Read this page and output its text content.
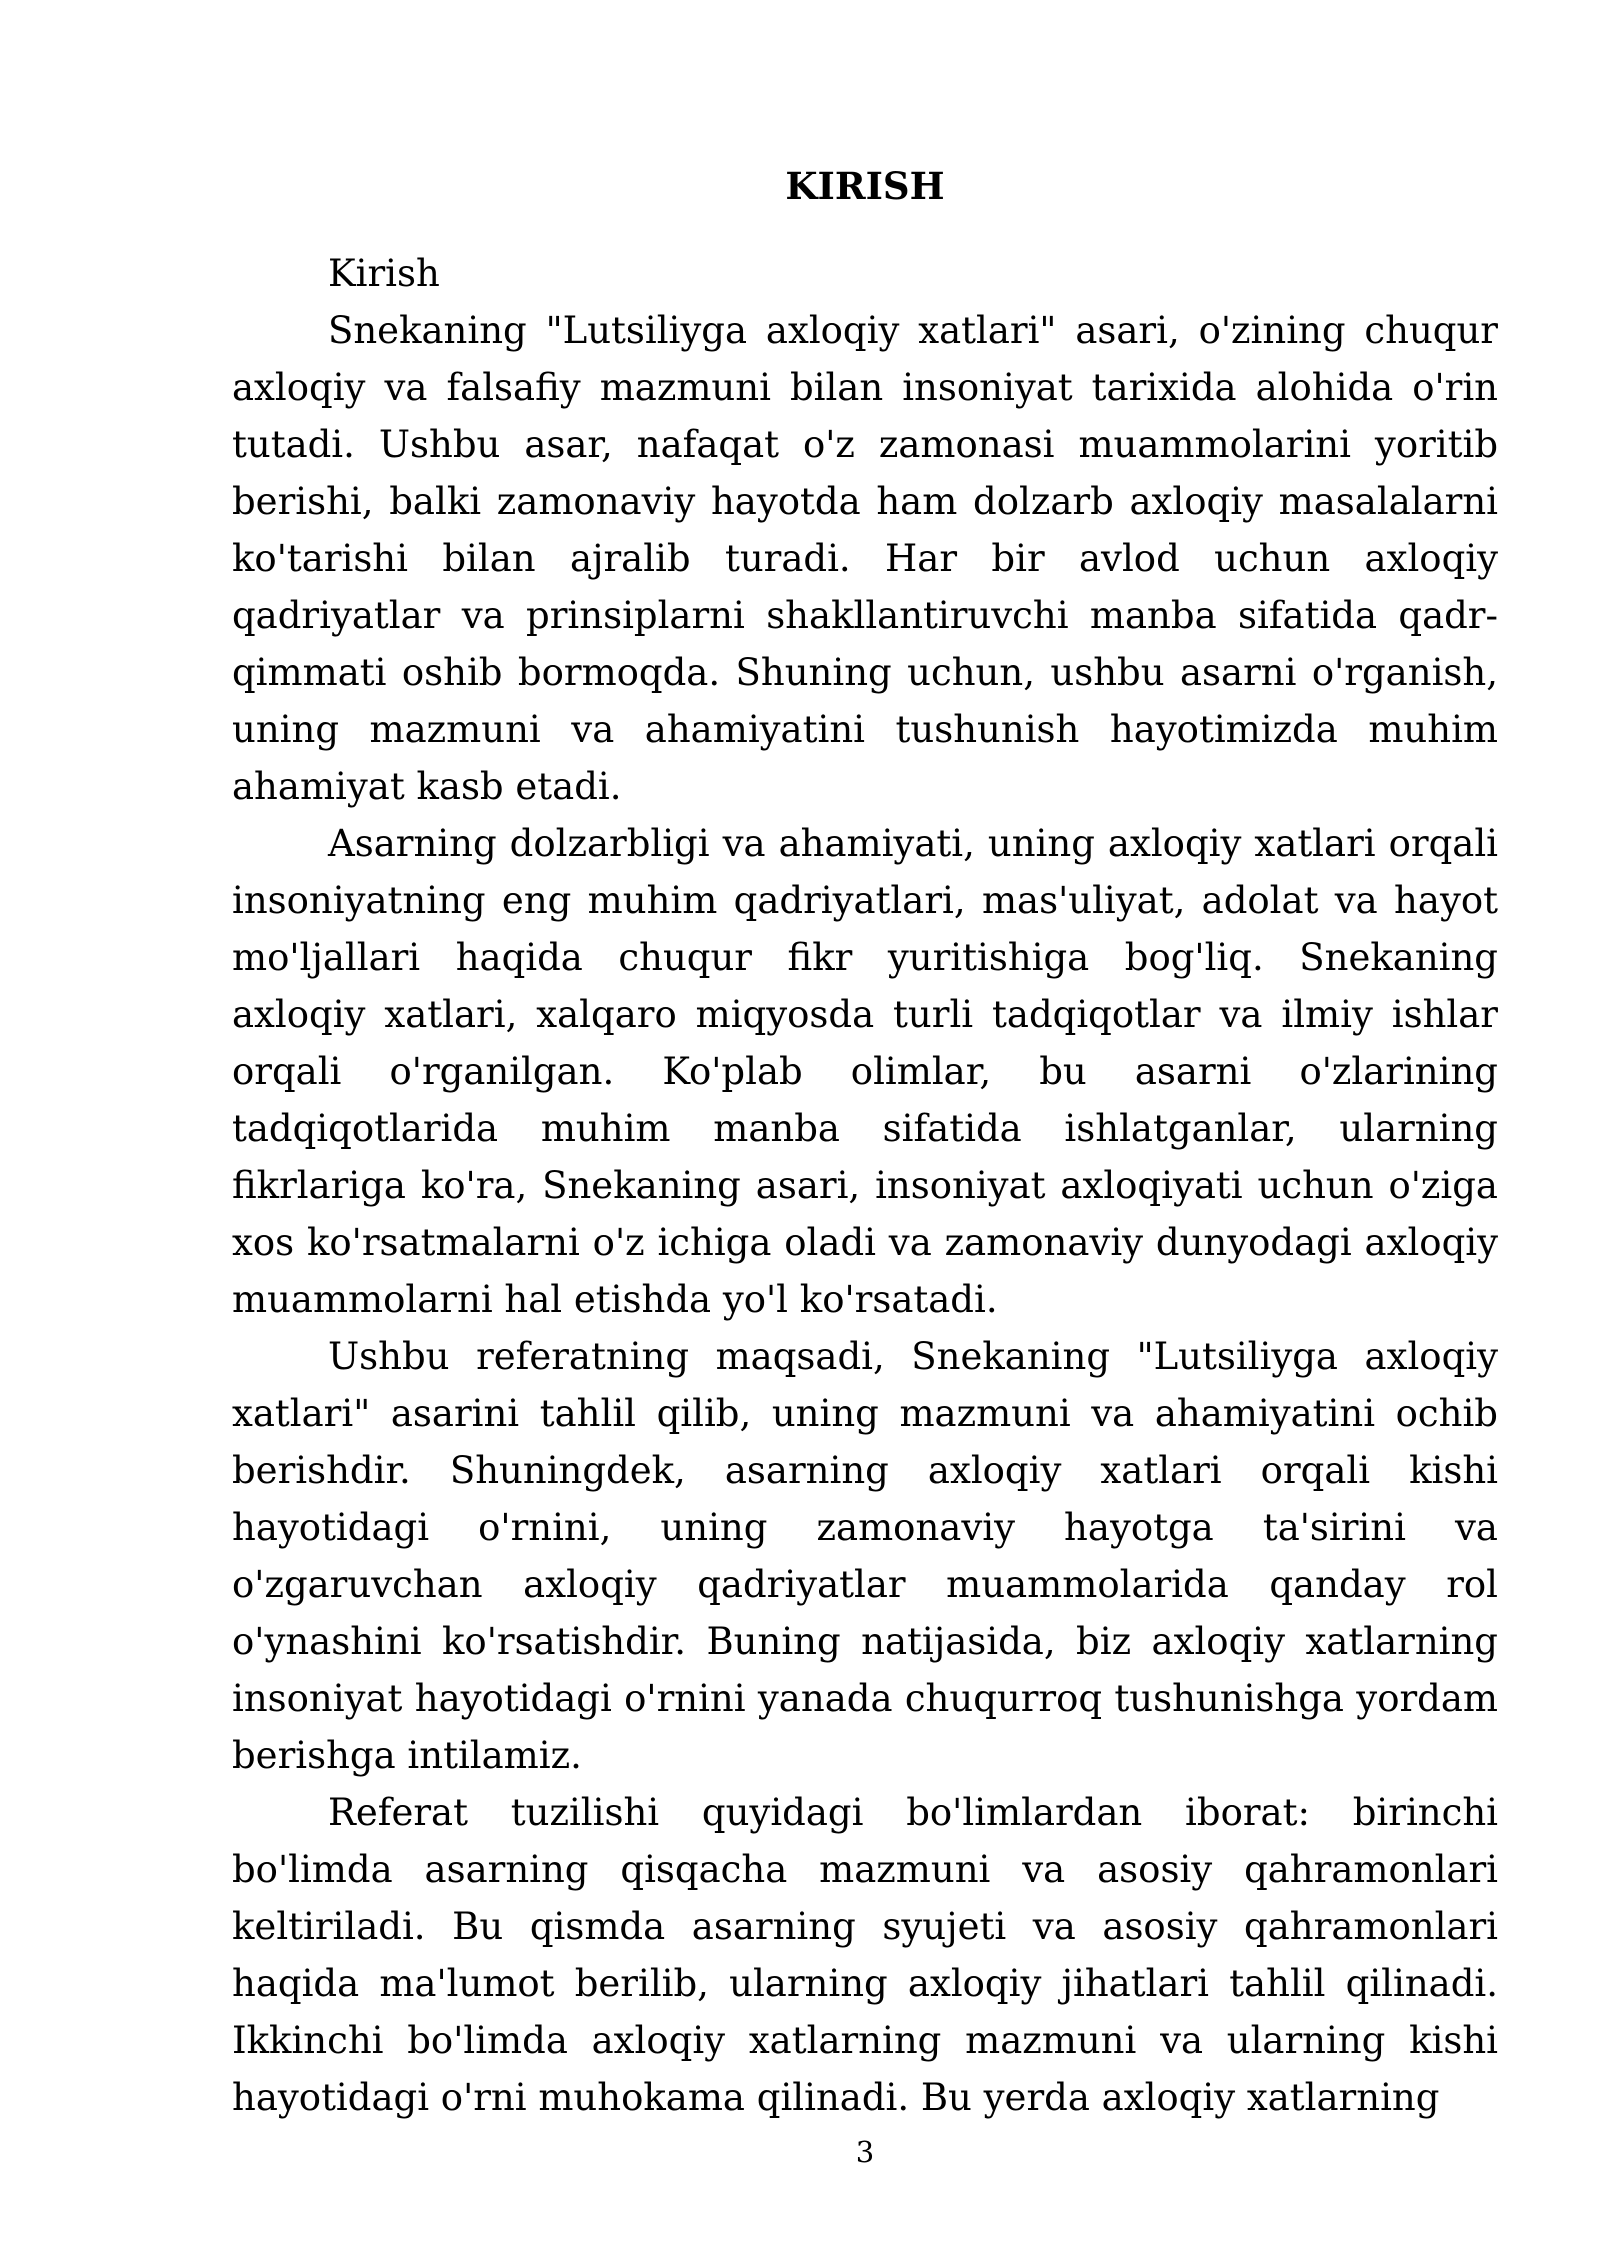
KIRISH

Kirish

Snekaning "Lutsiliyga axloqiy xatlari" asari, o'zining chuqur axloqiy va falsafiy mazmuni bilan insoniyat tarixida alohida o'rin tutadi. Ushbu asar, nafaqat o'z zamonasi muammolarini yoritib berishi, balki zamonaviy hayotda ham dolzarb axloqiy masalalarni ko'tarishi bilan ajralib turadi. Har bir avlod uchun axloqiy qadriyatlar va prinsiplarni shakllantiruvchi manba sifatida qadr-qimmati oshib bormoqda. Shuning uchun, ushbu asarni o'rganish, uning mazmuni va ahamiyatini tushunish hayotimizda muhim ahamiyat kasb etadi.

Asarning dolzarbligi va ahamiyati, uning axloqiy xatlari orqali insoniyatning eng muhim qadriyatlari, mas'uliyat, adolat va hayot mo'ljallari haqida chuqur fikr yuritishiga bog'liq. Snekaning axloqiy xatlari, xalqaro miqyosda turli tadqiqotlar va ilmiy ishlar orqali o'rganilgan. Ko'plab olimlar, bu asarni o'zlarining tadqiqotlarida muhim manba sifatida ishlatganlar, ularning fikrlariga ko'ra, Snekaning asari, insoniyat axloqiyati uchun o'ziga xos ko'rsatmalarni o'z ichiga oladi va zamonaviy dunyodagi axloqiy muammolarni hal etishda yo'l ko'rsatadi.

Ushbu referatning maqsadi, Snekaning "Lutsiliyga axloqiy xatlari" asarini tahlil qilib, uning mazmuni va ahamiyatini ochib berishdir. Shuningdek, asarning axloqiy xatlari orqali kishi hayotidagi o'rnini, uning zamonaviy hayotga ta'sirini va o'zgaruvchan axloqiy qadriyatlar muammolarida qanday rol o'ynashini ko'rsatishdir. Buning natijasida, biz axloqiy xatlarning insoniyat hayotidagi o'rnini yanada chuqurroq tushunishga yordam berishga intilamiz.

Referat tuzilishi quyidagi bo'limlardan iborat: birinchi bo'limda asarning qisqacha mazmuni va asosiy qahramonlari keltiriladi. Bu qismda asarning syujeti va asosiy qahramonlari haqida ma'lumot berilib, ularning axloqiy jihatlari tahlil qilinadi. Ikkinchi bo'limda axloqiy xatlarning mazmuni va ularning kishi hayotidagi o'rni muhokama qilinadi. Bu yerda axloqiy xatlarning

3
